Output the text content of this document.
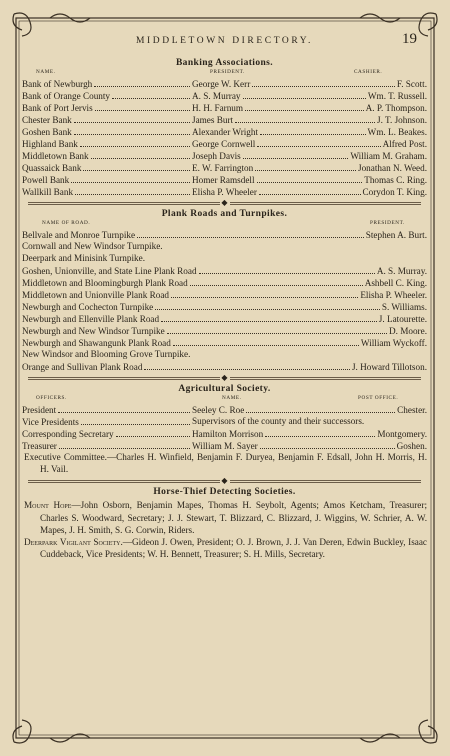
MIDDLETOWN DIRECTORY.	19
Banking Associations.
NAME.	PRESIDENT.	CASHIER.
Bank of Newburgh	George W. Kerr	F. Scott.
Bank of Orange County	A. S. Murray	Wm. T. Russell.
Bank of Port Jervis	H. H. Farnum	A. P. Thompson.
Chester Bank	James Burt	J. T. Johnson.
Goshen Bank	Alexander Wright	Wm. L. Beakes.
Highland Bank	George Cornwell	Alfred Post.
Middletown Bank	Joseph Davis	William M. Graham.
Quassaick Bank	E. W. Farrington	Jonathan N. Weed.
Powell Bank	Homer Ramsdell	Thomas C. Ring.
Wallkill Bank	Elisha P. Wheeler	Corydon T. King.
◆
Plank Roads and Turnpikes.
NAME OF ROAD.	PRESIDENT.
Bellvale and Monroe Turnpike	Stephen A. Burt.
Cornwall and New Windsor Turnpike.
Deerpark and Minisink Turnpike.
Goshen, Unionville, and State Line Plank Road	A. S. Murray.
Middletown and Bloomingburgh Plank Road	Ashbell C. King.
Middletown and Unionville Plank Road	Elisha P. Wheeler.
Newburgh and Cochecton Turnpike	S. Williams.
Newburgh and Ellenville Plank Road	J. Latourette.
Newburgh and New Windsor Turnpike	D. Moore.
Newburgh and Shawangunk Plank Road	William Wyckoff.
New Windsor and Blooming Grove Turnpike.
Orange and Sullivan Plank Road	J. Howard Tillotson.
◆
Agricultural Society.
OFFICERS.	NAME.	POST OFFICE.
President	Seeley C. Roe	Chester.
Vice Presidents	Supervisors of the county and their successors.
Corresponding Secretary	Hamilton Morrison	Montgomery.
Treasurer	William M. Sayer	Goshen.

Executive Committee.—Charles H. Winfield, Benjamin F. Duryea, Benjamin F. Edsall, John H. Morris, H. H. Vail.

◆
Horse-Thief Detecting Societies.

Mount Hope—John Osborn, Benjamin Mapes, Thomas H. Seybolt, Agents; Amos Ketcham, Treasurer; Charles S. Woodward, Secretary; J. J. Stewart, T. Blizzard, C. Blizzard, J. Wiggins, W. Schrier, A. W. Mapes, J. H. Smith, S. G. Corwin, Riders.

Deerpark Vigilant Society.—Gideon J. Owen, President; O. J. Brown, J. J. Van Deren, Edwin Buckley, Isaac Cuddeback, Vice Presidents; W. H. Bennett, Treasurer; S. H. Mills, Secretary.
